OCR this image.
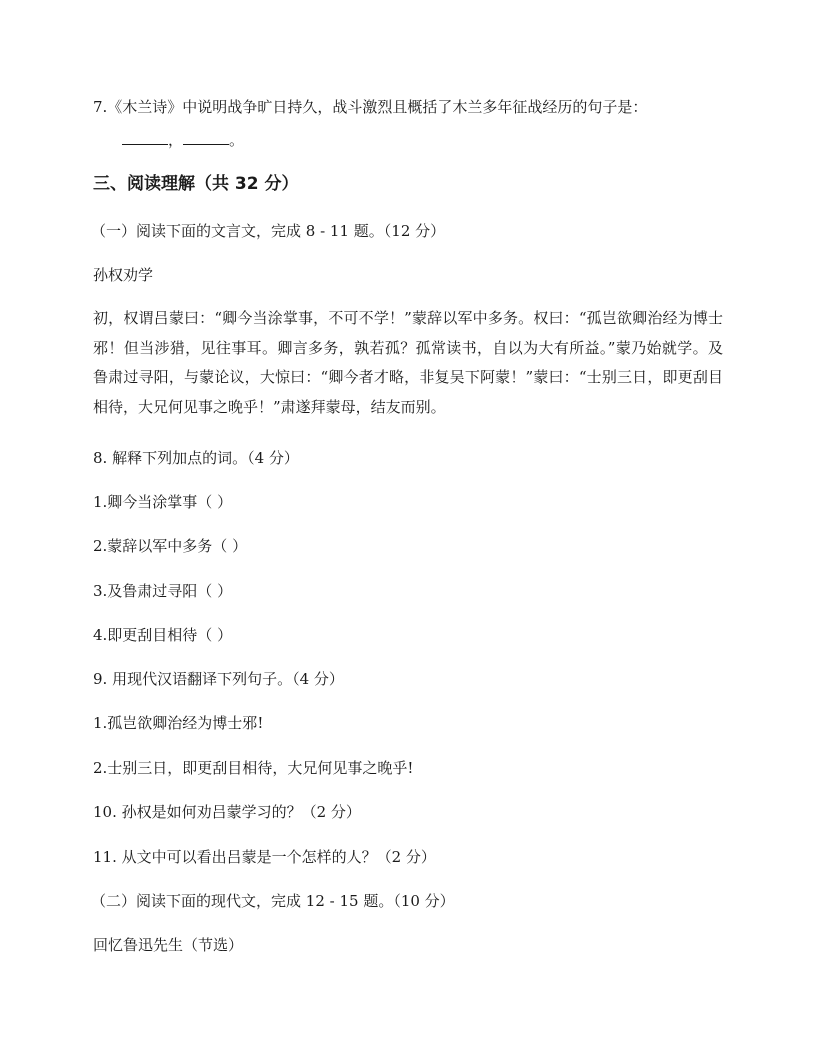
7.《木兰诗》中说明战争旷日持久，战斗激烈且概括了木兰多年征战经历的句子是：
，	。
三、阅读理解（共 32 分）
（一）阅读下面的文言文，完成 8 - 11 题。（12 分）
孙权劝学
初，权谓吕蒙曰：“卿今当涂掌事，不可不学！”蒙辞以军中多务。权曰：“孤岂欲卿治经为博士邪！但当涉猎，见往事耳。卿言多务，孰若孤？孤常读书，自以为大有所益。”蒙乃始就学。及鲁肃过寻阳，与蒙论议，大惊曰：“卿今者才略，非复吴下阿蒙！”蒙曰：“士别三日，即更刮目相待，大兄何见事之晚乎！”肃遂拜蒙母，结友而别。
8. 解释下列加点的词。（4 分）
1.卿今当涂掌事（ ）
2.蒙辞以军中多务（ ）
3.及鲁肃过寻阳（ ）
4.即更刮目相待（ ）
9. 用现代汉语翻译下列句子。（4 分）
1.孤岂欲卿治经为博士邪!
2.士别三日，即更刮目相待，大兄何见事之晚乎!
10. 孙权是如何劝吕蒙学习的？（2 分）
11. 从文中可以看出吕蒙是一个怎样的人？（2 分）
（二）阅读下面的现代文，完成 12 - 15 题。（10 分）
回忆鲁迅先生（节选）
